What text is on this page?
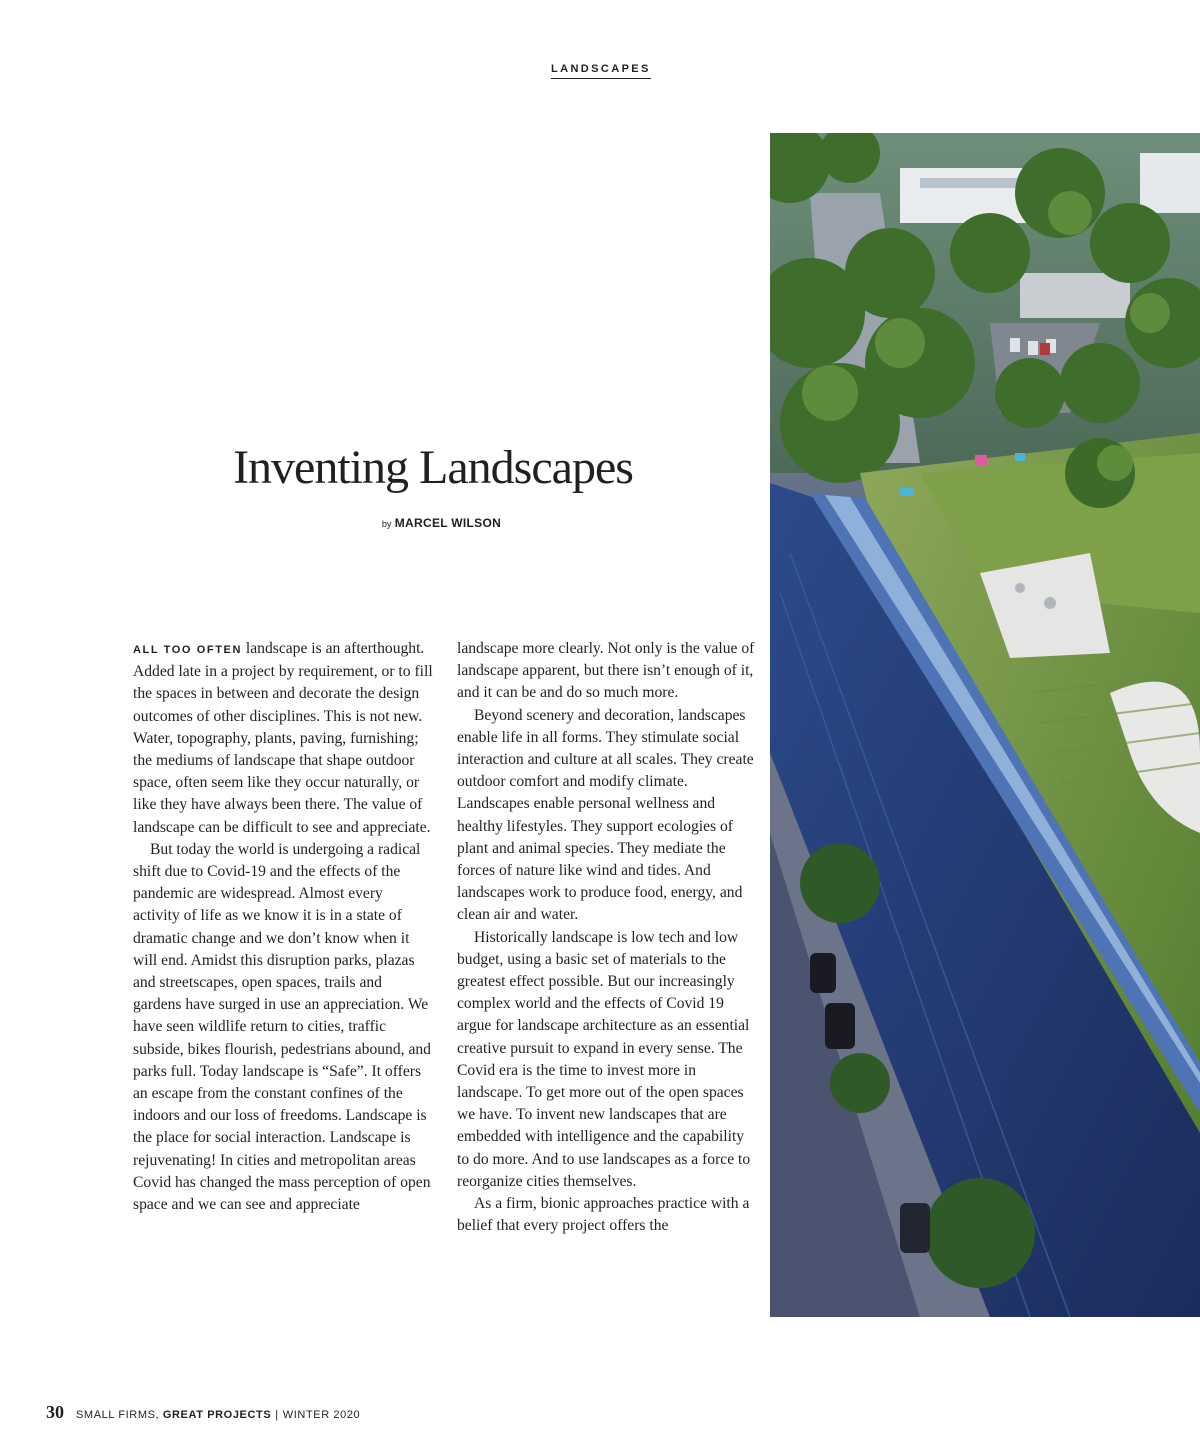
LANDSCAPES
Inventing Landscapes
by MARCEL WILSON

ALL TOO OFTEN landscape is an afterthought. Added late in a project by requirement, or to fill the spaces in between and decorate the design outcomes of other disciplines. This is not new. Water, topography, plants, paving, furnishing; the mediums of landscape that shape outdoor space, often seem like they occur naturally, or like they have always been there. The value of landscape can be difficult to see and appreciate.

But today the world is undergoing a radical shift due to Covid-19 and the effects of the pandemic are widespread. Almost every activity of life as we know it is in a state of dramatic change and we don’t know when it will end. Amidst this disruption parks, plazas and streetscapes, open spaces, trails and gardens have surged in use an appreciation. We have seen wildlife return to cities, traffic subside, bikes flourish, pedestrians abound, and parks full. Today landscape is “Safe”. It offers an escape from the constant confines of the indoors and our loss of freedoms. Landscape is the place for social interaction. Landscape is rejuvenating! In cities and metropolitan areas Covid has changed the mass perception of open space and we can see and appreciate

landscape more clearly. Not only is the value of landscape apparent, but there isn’t enough of it, and it can be and do so much more.

Beyond scenery and decoration, landscapes enable life in all forms. They stimulate social interaction and culture at all scales. They create outdoor comfort and modify climate. Landscapes enable personal wellness and healthy lifestyles. They support ecologies of plant and animal species. They mediate the forces of nature like wind and tides. And landscapes work to produce food, energy, and clean air and water.

Historically landscape is low tech and low budget, using a basic set of materials to the greatest effect possible. But our increasingly complex world and the effects of Covid 19 argue for landscape architecture as an essential creative pursuit to expand in every sense. The Covid era is the time to invest more in landscape. To get more out of the open spaces we have. To invent new landscapes that are embedded with intelligence and the capability to do more. And to use landscapes as a force to reorganize cities themselves.

As a firm, bionic approaches practice with a belief that every project offers the

30 SMALL FIRMS, GREAT PROJECTS | WINTER 2020
